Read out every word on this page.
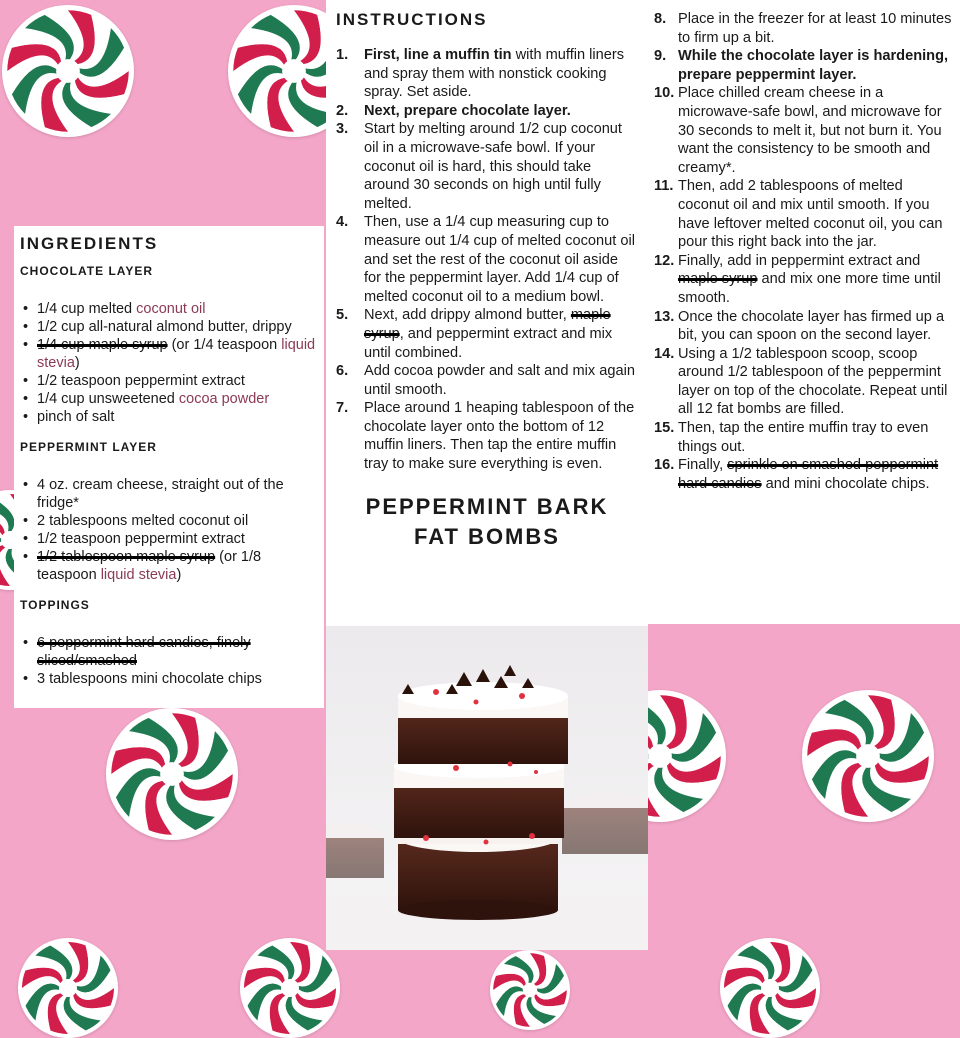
INGREDIENTS
CHOCOLATE LAYER
• 1/4 cup melted coconut oil
• 1/2 cup all-natural almond butter, drippy
• 1/4 cup maple syrup (or 1/4 teaspoon liquid stevia)
• 1/2 teaspoon peppermint extract
• 1/4 cup unsweetened cocoa powder
• pinch of salt
PEPPERMINT LAYER
• 4 oz. cream cheese, straight out of the fridge*
• 2 tablespoons melted coconut oil
• 1/2 teaspoon peppermint extract
• 1/2 tablespoon maple syrup (or 1/8 teaspoon liquid stevia)
TOPPINGS
• 6 peppermint hard candies, finely sliced/smashed
• 3 tablespoons mini chocolate chips
INSTRUCTIONS
1.	First, line a muffin tin with muffin liners and spray them with nonstick cooking spray. Set aside.
2.	Next, prepare chocolate layer.
3.	Start by melting around 1/2 cup coconut oil in a microwave-safe bowl. If your coconut oil is hard, this should take around 30 seconds on high until fully melted.
4.	Then, use a 1/4 cup measuring cup to measure out 1/4 cup of melted coconut oil and set the rest of the coconut oil aside for the peppermint layer. Add 1/4 cup of melted coconut oil to a medium bowl.
5.	Next, add drippy almond butter, maple syrup, and peppermint extract and mix until combined.
6.	Add cocoa powder and salt and mix again until smooth.
7.	Place around 1 heaping tablespoon of the chocolate layer onto the bottom of 12 muffin liners. Then tap the entire muffin tray to make sure everything is even.
PEPPERMINT BARK
FAT BOMBS
8. Place in the freezer for at least 10 minutes to firm up a bit.
9. While the chocolate layer is hardening, prepare peppermint layer.
10. Place chilled cream cheese in a microwave-safe bowl, and microwave for 30 seconds to melt it, but not burn it. You want the consistency to be smooth and creamy*.
11. Then, add 2 tablespoons of melted coconut oil and mix until smooth. If you have leftover melted coconut oil, you can pour this right back into the jar.
12. Finally, add in peppermint extract and maple syrup and mix one more time until smooth.
13. Once the chocolate layer has firmed up a bit, you can spoon on the second layer.
14. Using a 1/2 tablespoon scoop, scoop around 1/2 tablespoon of the peppermint layer on top of the chocolate. Repeat until all 12 fat bombs are filled.
15. Then, tap the entire muffin tray to even things out.
16. Finally, sprinkle on smashed peppermint hard candies and mini chocolate chips.
